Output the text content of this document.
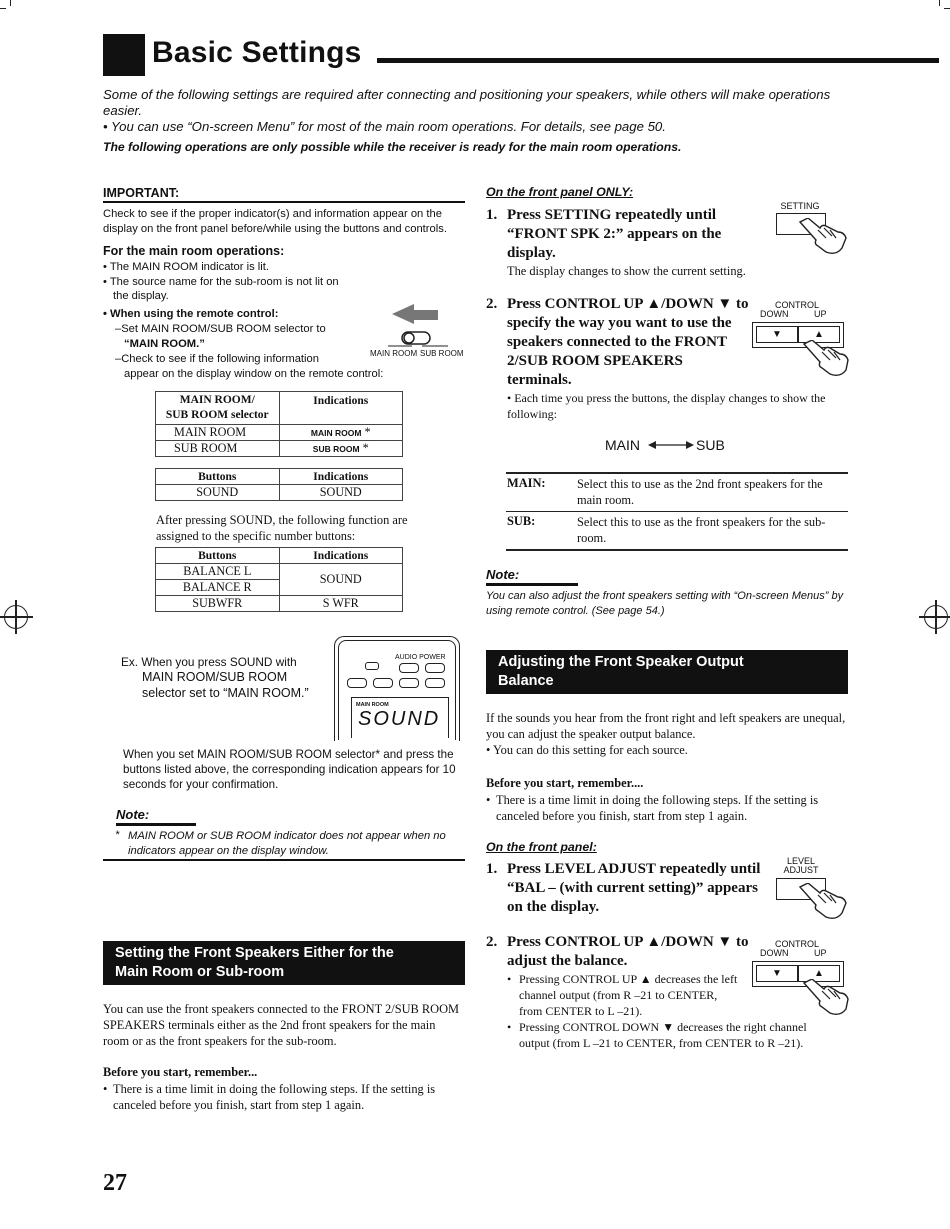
Basic Settings
Some of the following settings are required after connecting and positioning your speakers, while others will make operations easier.
• You can use “On-screen Menu” for most of the main room operations. For details, see page 50.
The following operations are only possible while the receiver is ready for the main room operations.
IMPORTANT:
Check to see if the proper indicator(s) and information appear on the display on the front panel before/while using the buttons and controls.
For the main room operations:
• The MAIN ROOM indicator is lit.
• The source name for the sub-room is not lit on
the display.
• When using the remote control:
–Set MAIN ROOM/SUB ROOM selector to
“MAIN ROOM.”
–Check to see if the following information
appear on the display window on the remote control:
MAIN ROOM SUB ROOM
MAIN ROOM/
SUB ROOM selector	Indications
MAIN ROOM	MAIN ROOM *
SUB ROOM	SUB ROOM *
Buttons	Indications
SOUND	SOUND
After pressing SOUND, the following function are assigned to the specific number buttons:
Buttons	Indications
BALANCE L	SOUND
BALANCE R	
SUBWFR	S WFR
Ex. When you press SOUND with
MAIN ROOM/SUB ROOM
selector set to “MAIN ROOM.”
AUDIO POWER
MAIN ROOM
SOUND
When you set MAIN ROOM/SUB ROOM selector* and press the buttons listed above, the corresponding indication appears for 10 seconds for your confirmation.
Note:
* MAIN ROOM or SUB ROOM indicator does not appear when no indicators appear on the display window.
Setting the Front Speakers Either for the
Main Room or Sub-room
You can use the front speakers connected to the FRONT 2/SUB ROOM SPEAKERS terminals either as the 2nd front speakers for the main room or as the front speakers for the sub-room.
Before you start, remember...
• There is a time limit in doing the following steps. If the setting is canceled before you finish, start from step 1 again.
27
On the front panel ONLY:
SETTING
1. Press SETTING repeatedly until “FRONT SPK 2:” appears on the display.
The display changes to show the current setting.
2. Press CONTROL UP ▲/DOWN ▼ to specify the way you want to use the speakers connected to the FRONT 2/SUB ROOM SPEAKERS terminals.
CONTROL
DOWN	UP
▼	▲
• Each time you press the buttons, the display changes to show the following:
MAIN	SUB
MAIN:	Select this to use as the 2nd front speakers for the main room.
SUB:	Select this to use as the front speakers for the sub-room.
Note:
You can also adjust the front speakers setting with “On-screen Menus” by using remote control. (See page 54.)
Adjusting the Front Speaker Output
Balance
If the sounds you hear from the front right and left speakers are unequal, you can adjust the speaker output balance.
• You can do this setting for each source.
Before you start, remember....
• There is a time limit in doing the following steps. If the setting is canceled before you finish, start from step 1 again.
On the front panel:
LEVEL
ADJUST
1. Press LEVEL ADJUST repeatedly until “BAL – (with current setting)” appears on the display.
2. Press CONTROL UP ▲/DOWN ▼ to adjust the balance.
CONTROL
DOWN	UP
▼	▲
• Pressing CONTROL UP ▲ decreases the left channel output (from R –21 to CENTER, from CENTER to L –21).
• Pressing CONTROL DOWN ▼ decreases the right channel output (from L –21 to CENTER, from CENTER to R –21).
